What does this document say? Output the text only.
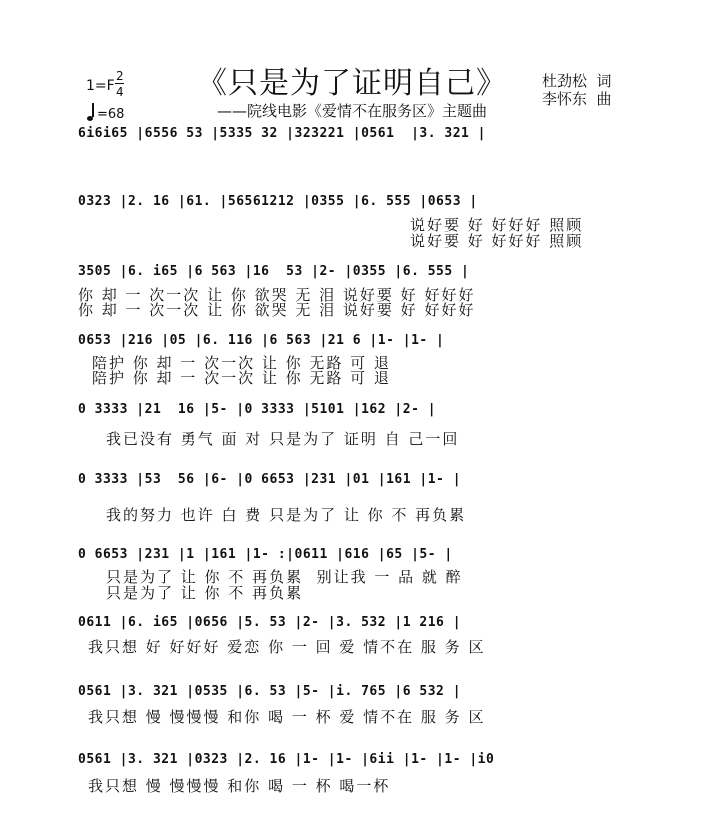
《只是为了证明自己》
——院线电影《爱情不在服务区》主题曲
杜劲松  词
李怀东  曲
1=F
2
4
=68
6i6i65 |6556 53 |5335 32 |323221 |0561  |3. 321 |
0323 |2. 16 |61. |56561212 |0355 |6. 555 |0653 |
说好要 好 好好好 照顾
说好要 好 好好好 照顾
3505 |6. i65 |6 563 |16  53 |2- |0355 |6. 555 |
你 却 一 次一次 让 你 欲哭 无 泪 说好要 好 好好好
你 却 一 次一次 让 你 欲哭 无 泪 说好要 好 好好好
0653 |216 |05 |6. 116 |6 563 |21 6 |1- |1- |
陪护 你 却 一 次一次 让 你 无路 可 退
陪护 你 却 一 次一次 让 你 无路 可 退
0 3333 |21  16 |5- |0 3333 |5101 |162 |2- |
我已没有 勇气 面 对 只是为了 证明 自 己一回
0 3333 |53  56 |6- |0 6653 |231 |01 |161 |1- |
我的努力 也许 白 费 只是为了 让 你 不 再负累
0 6653 |231 |1 |161 |1- :|0611 |616 |65 |5- |
只是为了 让 你 不 再负累  别让我 一 品 就 醉
只是为了 让 你 不 再负累
0611 |6. i65 |0656 |5. 53 |2- |3. 532 |1 216 |
我只想 好 好好好 爱恋 你 一 回 爱 情不在 服 务 区
0561 |3. 321 |0535 |6. 53 |5- |i. 765 |6 532 |
我只想 慢 慢慢慢 和你 喝 一 杯 爱 情不在 服 务 区
0561 |3. 321 |0323 |2. 16 |1- |1- |6ii |1- |1- |i0
我只想 慢 慢慢慢 和你 喝 一 杯 喝一杯
